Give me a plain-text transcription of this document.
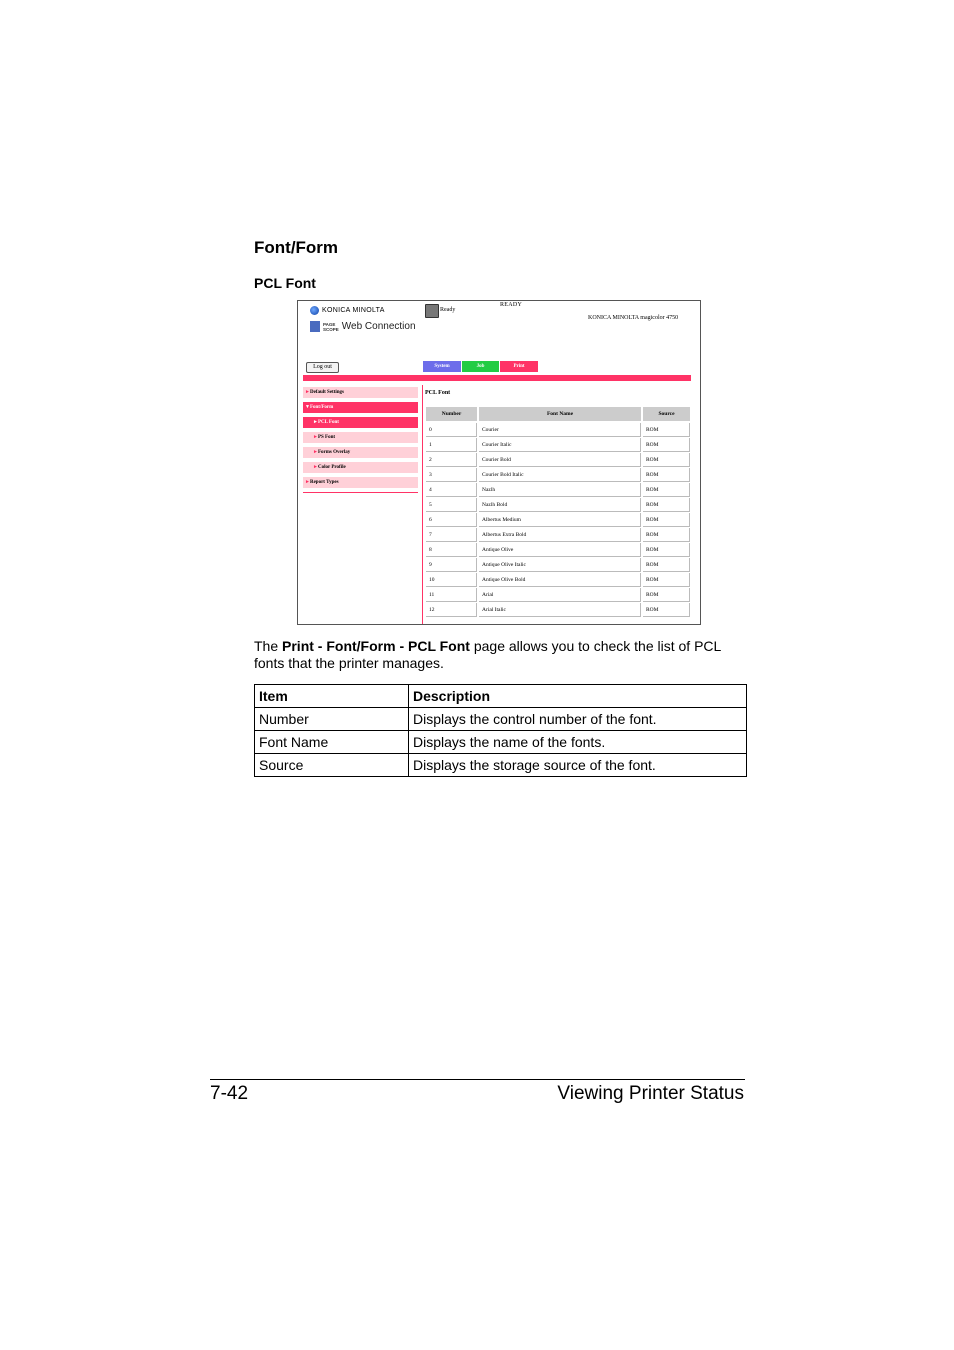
Font/Form
PCL Font
KONICA MINOLTA
PAGE
SCOPE Web Connection
Ready
READY
KONICA MINOLTA magicolor 4750
Log out	System	Job	Print
►Default Settings
▼Font/Form
►PCL Font
►PS Font
►Forms Overlay
►Color Profile
►Report Types
PCL Font
Number	Font Name	Source
0	Courier	ROM
1	Courier Italic	ROM
2	Courier Bold	ROM
3	Courier Bold Italic	ROM
4	Nazlh	ROM
5	Nazlh Bold	ROM
6	Albertus Medium	ROM
7	Albertus Extra Bold	ROM
8	Antique Olive	ROM
9	Antique Olive Italic	ROM
10	Antique Olive Bold	ROM
11	Arial	ROM
12	Arial Italic	ROM
The Print - Font/Form - PCL Font page allows you to check the list of PCL fonts that the printer manages.
Item	Description
Number	Displays the control number of the font.
Font Name	Displays the name of the fonts.
Source	Displays the storage source of the font.
7-42	Viewing Printer Status
